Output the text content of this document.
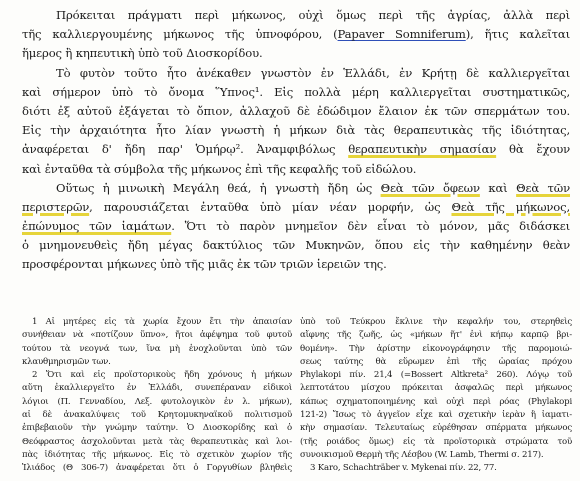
Πρόκειται πράγματι περὶ μήκωνος, οὐχὶ ὅμως περὶ τῆς ἀγρίας, ἀλλὰ περὶ
τῆς καλλιεργουμένης μήκωνος τῆς ὑπνοφόρου, (Papaver Somniferum), ἥτις καλεῖται
ἥμερος ἢ κηπευτικὴ ὑπὸ τοῦ Διοσκορίδου.
Τὸ φυτὸν τοῦτο ἦτο ἀνέκαθεν γνωστὸν ἐν Ἑλλάδι, ἐν Κρήτῃ δὲ καλλιεργεῖται
καὶ σήμερον ὑπὸ τὸ ὄνομα Ὕπνος¹. Εἰς πολλὰ μέρη καλλιεργεῖται συστηματικῶς,
διότι ἐξ αὐτοῦ ἐξάγεται τὸ ὄπιον, ἀλλαχοῦ δὲ ἐδώδιμον ἔλαιον ἐκ τῶν σπερμάτων του.
Εἰς τὴν ἀρχαιότητα ἦτο λίαν γνωστὴ ἡ μήκων διὰ τὰς θεραπευτικὰς τῆς ἰδιότητας,
ἀναφέρεται δ' ἤδη παρ' Ὁμήρῳ². Ἀναμφιβόλως θεραπευτικὴν σημασίαν θὰ ἔχουν
καὶ ἐνταῦθα τὰ σύμβολα τῆς μήκωνος ἐπὶ τῆς κεφαλῆς τοῦ εἰδώλου.
Οὕτως ἡ μινωικὴ Μεγάλη θεά, ἡ γνωστὴ ἤδη ὡς Θεὰ τῶν ὄφεων καὶ Θεὰ τῶν
περιστερῶν, παρουσιάζεται ἐνταῦθα ὑπὸ μίαν νέαν μορφήν, ὡς Θεὰ τῆς μήκωνος,
ἐπώνυμος τῶν ἰαμάτων. Ὅτι τὸ παρὸν μνημεῖον δὲν εἶναι τὸ μόνον, μᾶς διδάσκει
ὁ μνημονευθεὶς ἤδη μέγας δακτύλιος τῶν Μυκηνῶν, ὅπου εἰς τὴν καθημένην θεὰν
προσφέρονται μήκωνες ὑπὸ τῆς μιᾶς ἐκ τῶν τριῶν ἱερειῶν της.
1 Αἱ μητέρες εἰς τὰ χωρία ἔχουν ἔτι τὴν ἀπαισίαν
συνήθειαν νὰ «ποτίζουν ὕπνο», ἤτοι ἀφέψημα τοῦ φυτοῦ
τούτου τὰ νεογνά των, ἵνα μὴ ἐνοχλοῦνται ὑπὸ τῶν
κλαυθμηρισμῶν των.
2 Ὅτι καὶ εἰς προϊστορικοὺς ἤδη χρόνους ἡ μήκων
αὕτη ἐκαλλιεργεῖτο ἐν Ἑλλάδι, συνεπέραναν εἰδικοὶ
λόγιοι (Π. Γενναδίου, Λεξ. φυτολογικὸν ἐν λ. μήκων),
αἱ δὲ ἀνακαλύψεις τοῦ Κρητομυκηναϊκοῦ πολιτισμοῦ
ἐπιβεβαιοῦν τὴν γνώμην ταύτην. Ὁ Διοσκορίδης καὶ ὁ
Θεόφραστος ἀσχολοῦνται μετὰ τὰς θεραπευτικὰς καὶ λοι-
πὰς ἰδιότητας τῆς μήκωνος. Εἰς τὸ σχετικὸν χωρίον τῆς
Ἰλιάδος (Θ 306-7) ἀναφέρεται ὅτι ὁ Γοργυθίων βληθεὶς
ὑπὸ τοῦ Τεύκρου ἔκλινε τὴν κεφαλήν του, στερηθεὶς
αἴφνης τῆς ζωῆς, ὡς «μήκων ἥτ' ἐνὶ κήπῳ καρπῷ βρι-
θομένη». Τὴν ἀρίστην εἰκονογράφησιν τῆς παρομοιώ-
σεως ταύτης θὰ εὕρωμεν ἐπὶ τῆς ὡραίας πρόχου
Phylakopi πίν. 21,4 (=Bossert Altkreta² 260). Λόγῳ τοῦ
λεπτοτάτου μίσχου πρόκειται ἀσφαλῶς περὶ μήκωνος
κάπως σχηματοποιημένης καὶ οὐχὶ περὶ ρόας (Phylakopi
121-2) Ἴσως τὸ ἀγγεῖον εἶχε καὶ σχετικὴν ἱερὰν ἢ ἰαματι-
κὴν σημασίαν. Τελευταίως εὑρέθησαν σπέρματα μήκωνος
(τῆς ροιάδος ὅμως) εἰς τὰ προϊστορικὰ στρώματα τοῦ
συνοικισμοῦ Θερμὴ τῆς Λέσβου (W. Lamb, Thermi σ. 217).
3 Karo, Schachträber v. Mykenai πίν. 22, 77.
